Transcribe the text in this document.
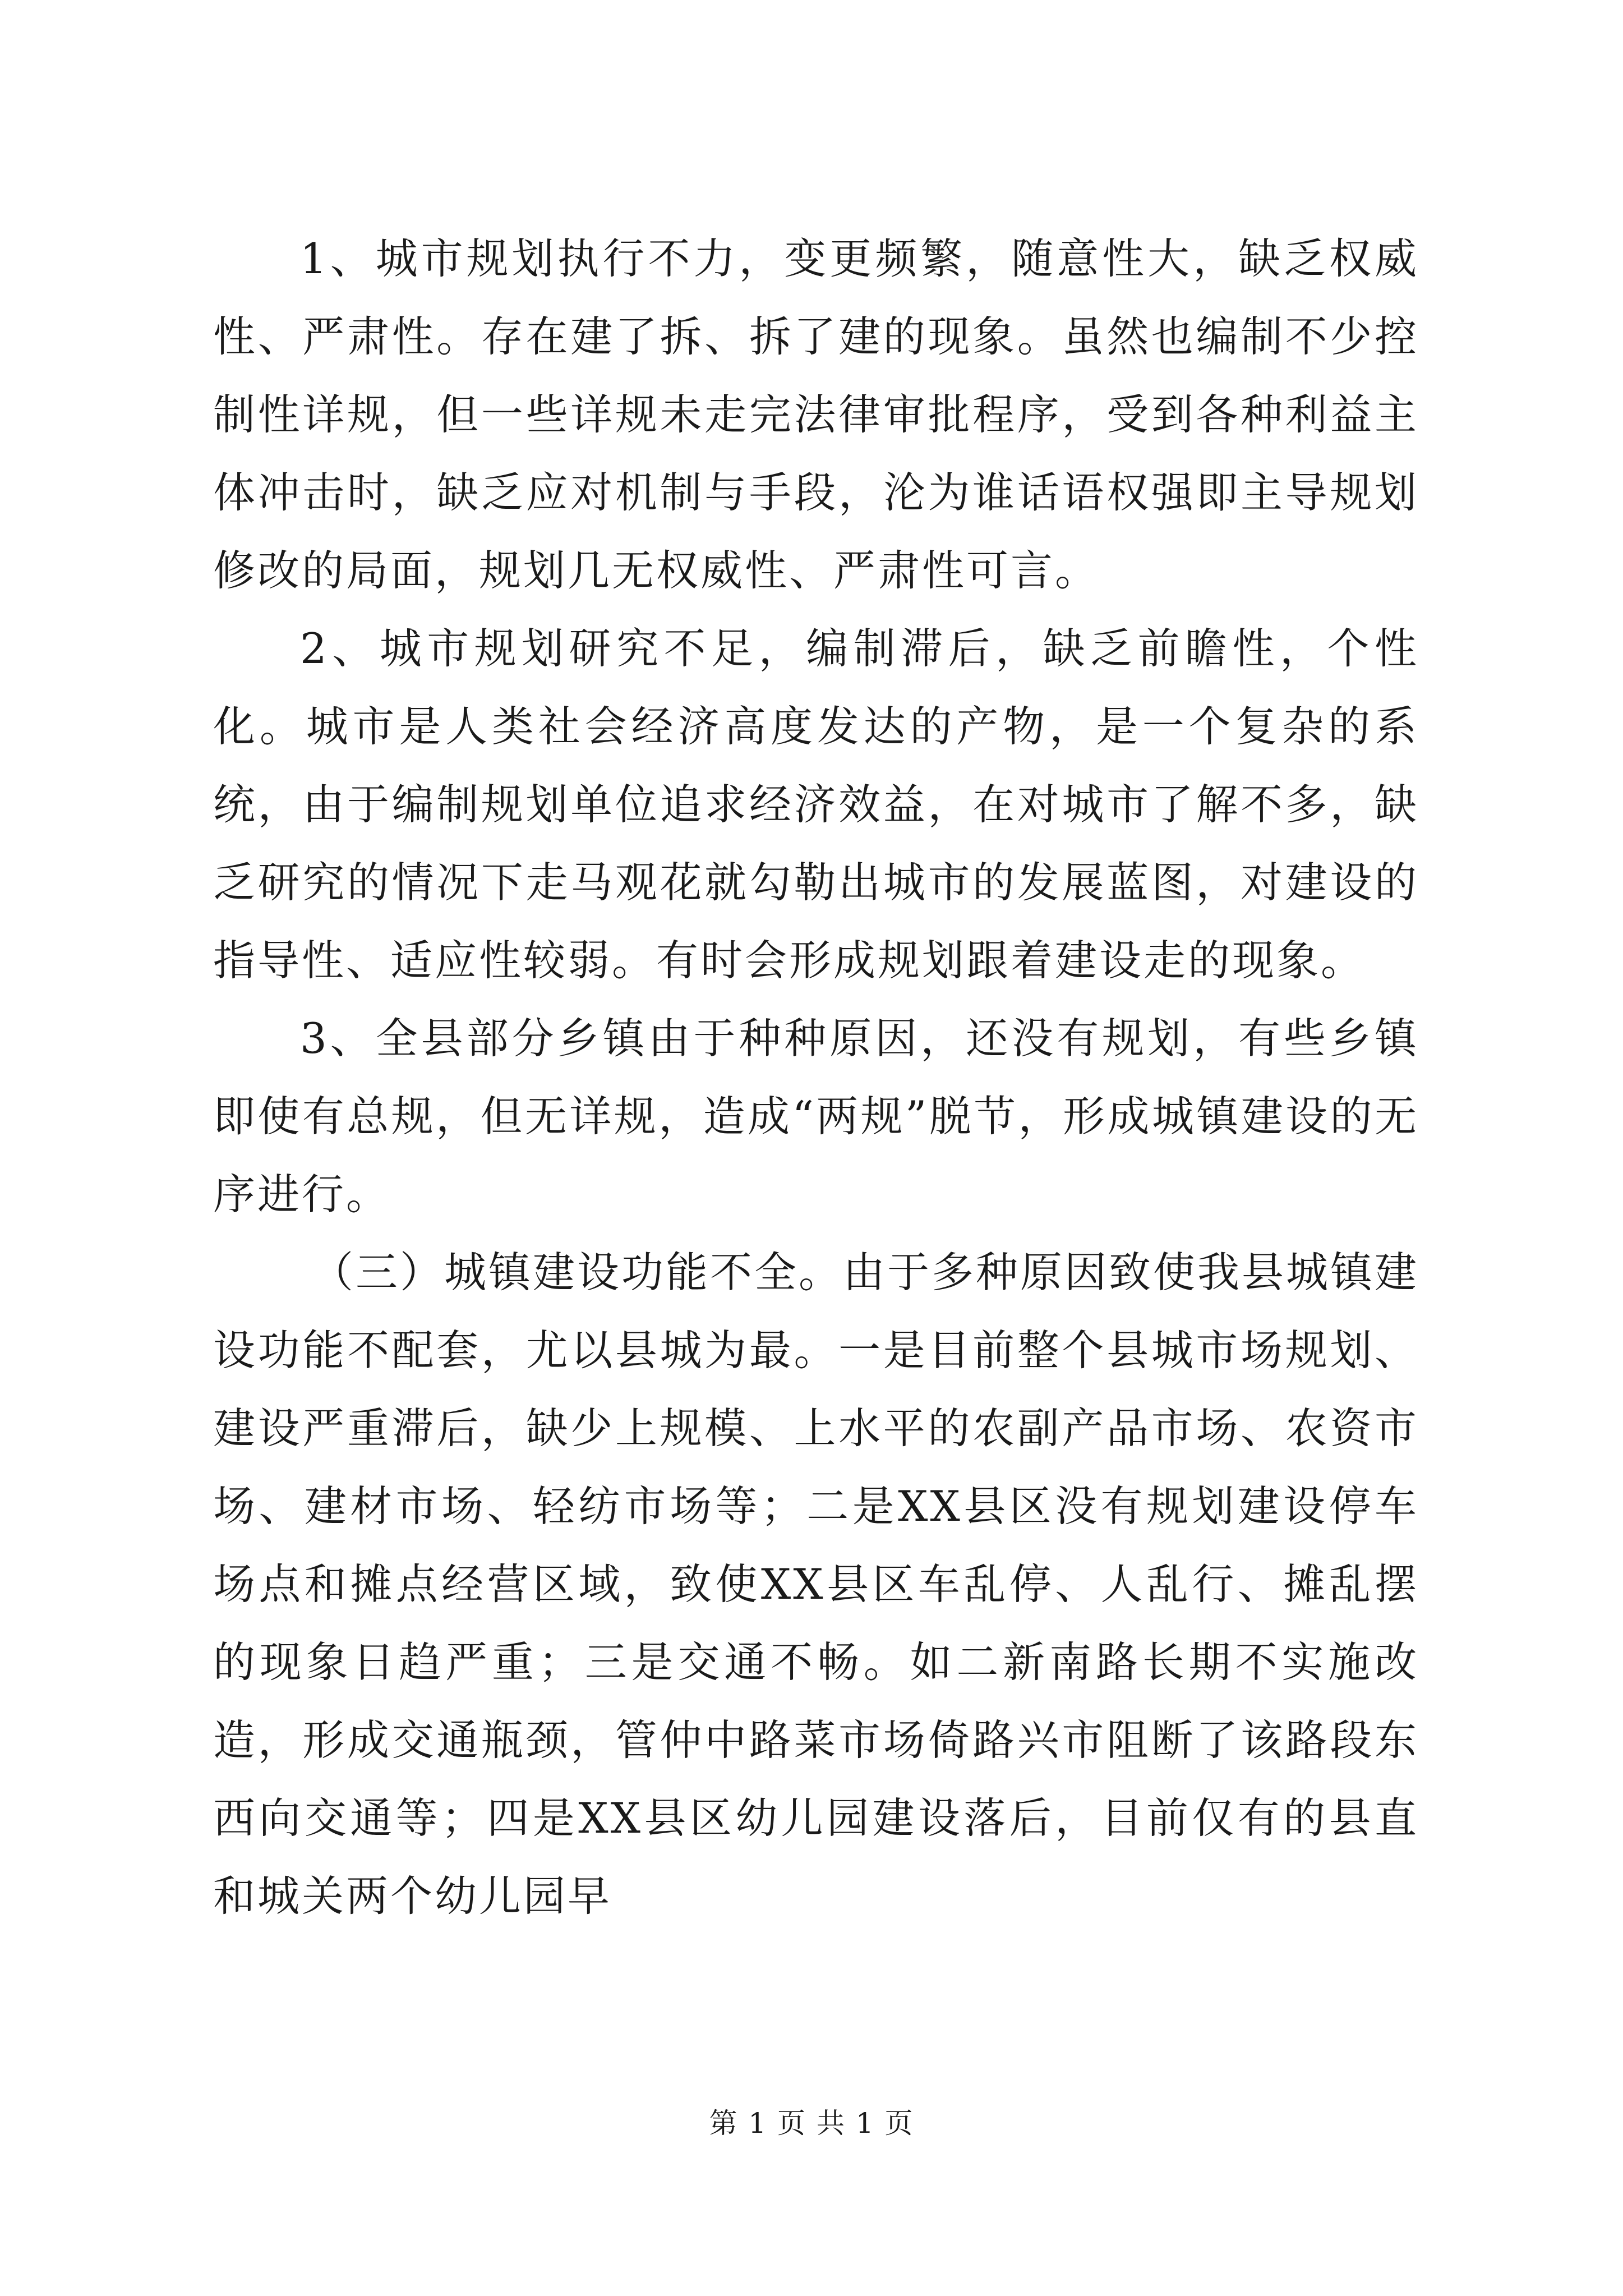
1、城市规划执行不力，变更频繁，随意性大，缺乏权威性、严肃性。存在建了拆、拆了建的现象。虽然也编制不少控制性详规，但一些详规未走完法律审批程序，受到各种利益主体冲击时，缺乏应对机制与手段，沦为谁话语权强即主导规划修改的局面，规划几无权威性、严肃性可言。

2、城市规划研究不足，编制滞后，缺乏前瞻性，个性化。城市是人类社会经济高度发达的产物，是一个复杂的系统，由于编制规划单位追求经济效益，在对城市了解不多，缺乏研究的情况下走马观花就勾勒出城市的发展蓝图，对建设的指导性、适应性较弱。有时会形成规划跟着建设走的现象。

3、全县部分乡镇由于种种原因，还没有规划，有些乡镇即使有总规，但无详规，造成“两规”脱节，形成城镇建设的无序进行。

（三）城镇建设功能不全。由于多种原因致使我县城镇建设功能不配套，尤以县城为最。一是目前整个县城市场规划、建设严重滞后，缺少上规模、上水平的农副产品市场、农资市场、建材市场、轻纺市场等；二是XX县区没有规划建设停车场点和摊点经营区域，致使XX县区车乱停、人乱行、摊乱摆的现象日趋严重；三是交通不畅。如二新南路长期不实施改造，形成交通瓶颈，管仲中路菜市场倚路兴市阻断了该路段东西向交通等；四是XX县区幼儿园建设落后，目前仅有的县直和城关两个幼儿园早

第 1 页 共 1 页
